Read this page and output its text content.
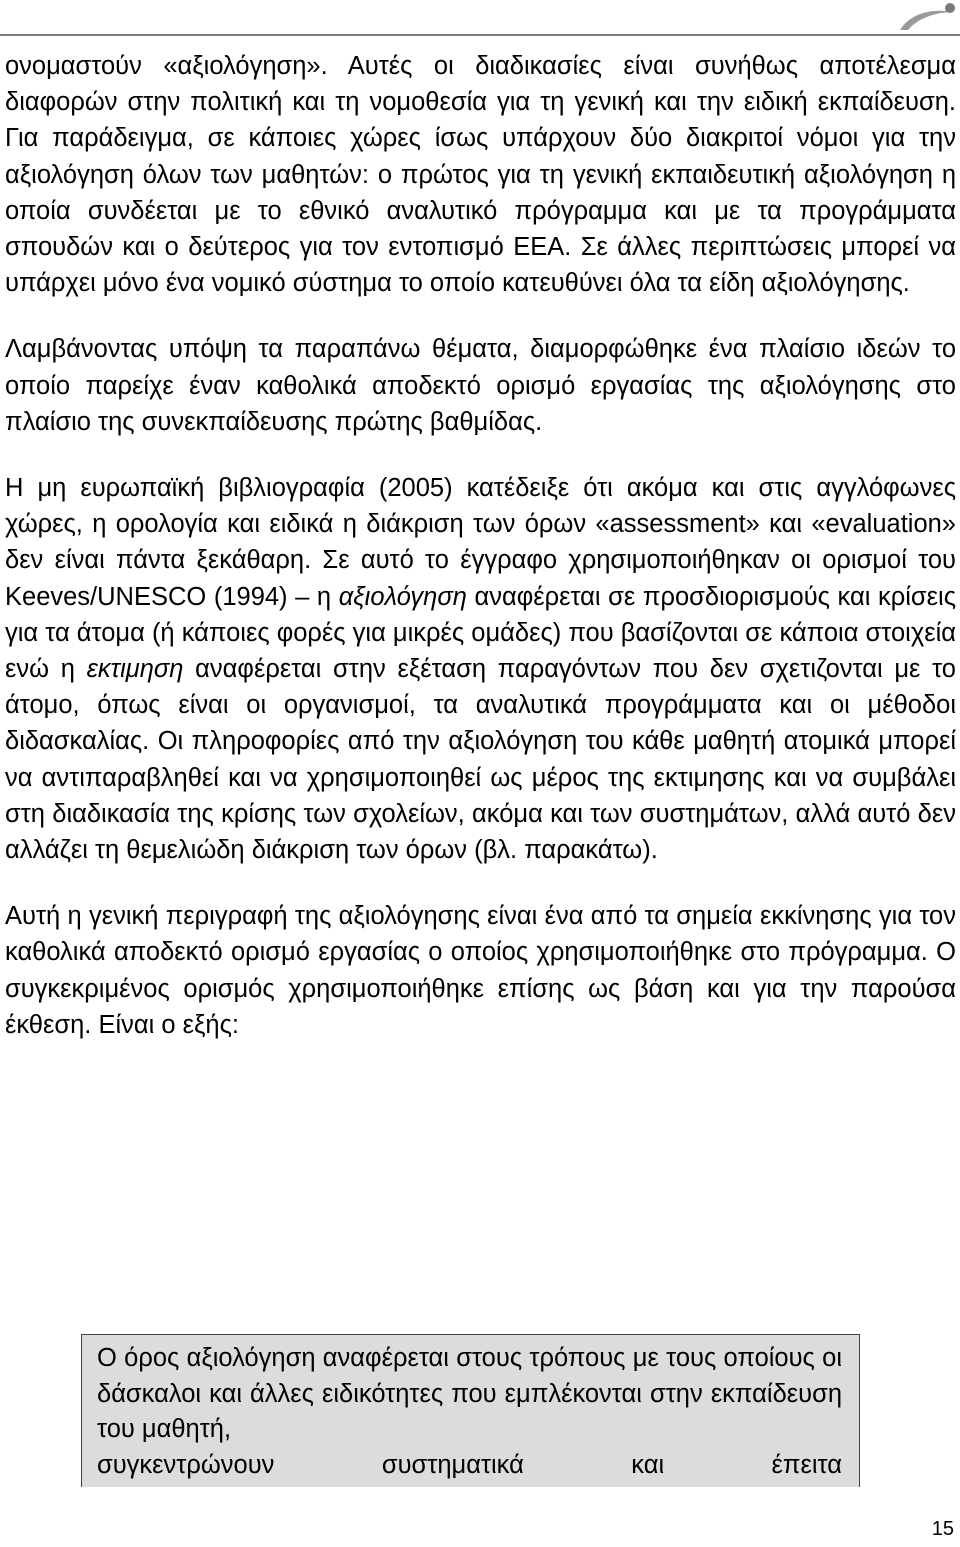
ονομαστούν «αξιολόγηση». Αυτές οι διαδικασίες είναι συνήθως αποτέλεσμα διαφορών στην πολιτική και τη νομοθεσία για τη γενική και την ειδική εκπαίδευση. Για παράδειγμα, σε κάποιες χώρες ίσως υπάρχουν δύο διακριτοί νόμοι για την αξιολόγηση όλων των μαθητών: ο πρώτος για τη γενική εκπαιδευτική αξιολόγηση η οποία συνδέεται με το εθνικό αναλυτικό πρόγραμμα και με τα προγράμματα σπουδών και ο δεύτερος για τον εντοπισμό ΕΕΑ. Σε άλλες περιπτώσεις μπορεί να υπάρχει μόνο ένα νομικό σύστημα το οποίο κατευθύνει όλα τα είδη αξιολόγησης.

Λαμβάνοντας υπόψη τα παραπάνω θέματα, διαμορφώθηκε ένα πλαίσιο ιδεών το οποίο παρείχε έναν καθολικά αποδεκτό ορισμό εργασίας της αξιολόγησης στο πλαίσιο της συνεκπαίδευσης πρώτης βαθμίδας.

Η μη ευρωπαϊκή βιβλιογραφία (2005) κατέδειξε ότι ακόμα και στις αγγλόφωνες χώρες, η ορολογία και ειδικά η διάκριση των όρων «assessment» και «evaluation» δεν είναι πάντα ξεκάθαρη. Σε αυτό το έγγραφο χρησιμοποιήθηκαν οι ορισμοί του Keeves/UNESCO (1994) – η αξιολόγηση αναφέρεται σε προσδιορισμούς και κρίσεις για τα άτομα (ή κάποιες φορές για μικρές ομάδες) που βασίζονται σε κάποια στοιχεία ενώ η εκτιμηση αναφέρεται στην εξέταση παραγόντων που δεν σχετιζονται με το άτομο, όπως είναι οι οργανισμοί, τα αναλυτικά προγράμματα και οι μέθοδοι διδασκαλίας. Οι πληροφορίες από την αξιολόγηση του κάθε μαθητή ατομικά μπορεί να αντιπαραβληθεί και να χρησιμοποιηθεί ως μέρος της εκτιμησης και να συμβάλει στη διαδικασία της κρίσης των σχολείων, ακόμα και των συστημάτων, αλλά αυτό δεν αλλάζει τη θεμελιώδη διάκριση των όρων (βλ. παρακάτω).

Αυτή η γενική περιγραφή της αξιολόγησης είναι ένα από τα σημεία εκκίνησης για τον καθολικά αποδεκτό ορισμό εργασίας ο οποίος χρησιμοποιήθηκε στο πρόγραμμα. Ο συγκεκριμένος ορισμός χρησιμοποιήθηκε επίσης ως βάση και για την παρούσα έκθεση. Είναι ο εξής:

Ο όρος αξιολόγηση αναφέρεται στους τρόπους με τους οποίους οι δάσκαλοι και άλλες ειδικότητες που εμπλέκονται στην εκπαίδευση του μαθητή,
συγκεντρώνουν συστηματικά και έπειτα
15
